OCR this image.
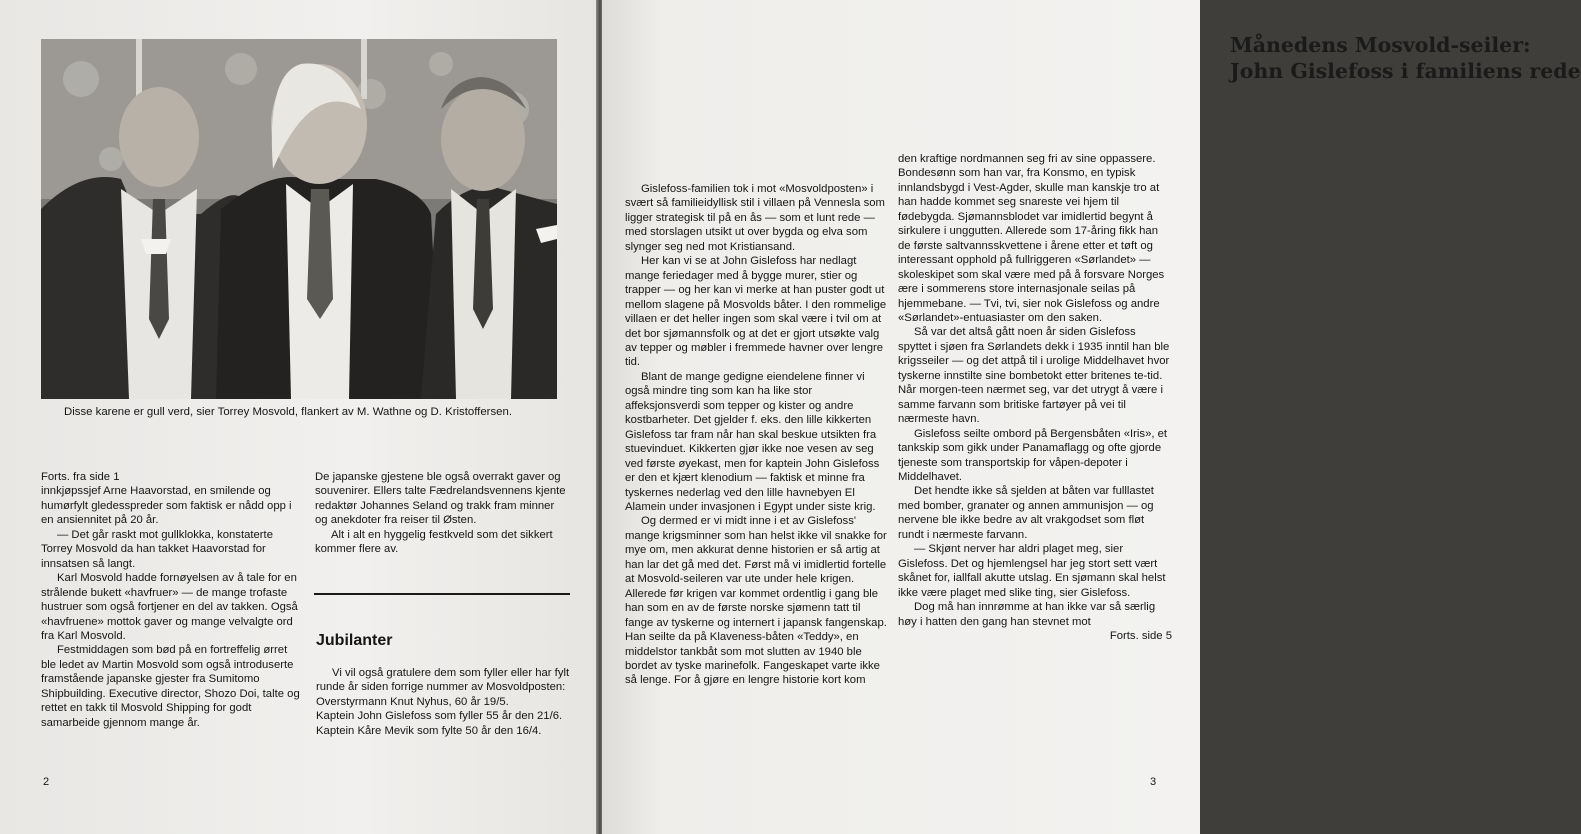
Disse karene er gull verd, sier Torrey Mosvold, flankert av M. Wathne og D. Kristoffersen.

Forts. fra side 1

innkjøpssjef Arne Haavorstad, en smilende og humørfylt gledesspreder som faktisk er nådd opp i en ansiennitet på 20 år.

— Det går raskt mot gullklokka, konstaterte Torrey Mosvold da han takket Haavorstad for innsatsen så langt.

Karl Mosvold hadde fornøyelsen av å tale for en strålende bukett «havfruer» — de mange trofaste hustruer som også fortjener en del av takken. Også «havfruene» mottok gaver og mange velvalgte ord fra Karl Mosvold.

Festmiddagen som bød på en fortreffelig ørret ble ledet av Martin Mosvold som også introduserte framstående japanske gjester fra Sumitomo Shipbuilding. Executive director, Shozo Doi, talte og rettet en takk til Mosvold Shipping for godt samarbeide gjennom mange år.

De japanske gjestene ble også overrakt gaver og souvenirer. Ellers talte Fædrelandsvennens kjente redaktør Johannes Seland og trakk fram minner og anekdoter fra reiser til Østen.

Alt i alt en hyggelig festkveld som det sikkert kommer flere av.

Jubilanter

Vi vil også gratulere dem som fyller eller har fylt runde år siden forrige nummer av Mosvoldposten:

Overstyrmann Knut Nyhus, 60 år 19/5.

Kaptein John Gislefoss som fyller 55 år den 21/6.

Kaptein Kåre Mevik som fylte 50 år den 16/4.

2
Månedens Mosvold-seiler:
John Gislefoss i familiens rede

Gislefoss-familien tok i mot «Mosvoldposten» i svært så familieidyllisk stil i villaen på Vennesla som ligger strategisk til på en ås — som et lunt rede — med storslagen utsikt ut over bygda og elva som slynger seg ned mot Kristiansand.

Her kan vi se at John Gislefoss har nedlagt mange feriedager med å bygge murer, stier og trapper — og her kan vi merke at han puster godt ut mellom slagene på Mosvolds båter. I den rommelige villaen er det heller ingen som skal være i tvil om at det bor sjømannsfolk og at det er gjort utsøkte valg av tepper og møbler i fremmede havner over lengre tid.

Blant de mange gedigne eiendelene finner vi også mindre ting som kan ha like stor affeksjonsverdi som tepper og kister og andre kostbarheter. Det gjelder f. eks. den lille kikkerten Gislefoss tar fram når han skal beskue utsikten fra stuevinduet. Kikkerten gjør ikke noe vesen av seg ved første øyekast, men for kaptein John Gislefoss er den et kjært klenodium — faktisk et minne fra tyskernes nederlag ved den lille havnebyen El Alamein under invasjonen i Egypt under siste krig.

Og dermed er vi midt inne i et av Gislefoss' mange krigsminner som han helst ikke vil snakke for mye om, men akkurat denne historien er så artig at han lar det gå med det. Først må vi imidlertid fortelle at Mosvold-seileren var ute under hele krigen. Allerede før krigen var kommet ordentlig i gang ble han som en av de første norske sjømenn tatt til fange av tyskerne og internert i japansk fangenskap. Han seilte da på Klaveness-båten «Teddy», en middelstor tankbåt som mot slutten av 1940 ble bordet av tyske marinefolk. Fangeskapet varte ikke så lenge. For å gjøre en lengre historie kort kom

den kraftige nordmannen seg fri av sine oppassere. Bondesønn som han var, fra Konsmo, en typisk innlandsbygd i Vest-Agder, skulle man kanskje tro at han hadde kommet seg snareste vei hjem til fødebygda. Sjømannsblodet var imidlertid begynt å sirkulere i unggutten. Allerede som 17-åring fikk han de første saltvannsskvettene i årene etter et tøft og interessant opphold på fullriggeren «Sørlandet» — skoleskipet som skal være med på å forsvare Norges ære i sommerens store internasjonale seilas på hjemmebane. — Tvi, tvi, sier nok Gislefoss og andre «Sørlandet»-entuasiaster om den saken.

Så var det altså gått noen år siden Gislefoss spyttet i sjøen fra Sørlandets dekk i 1935 inntil han ble krigsseiler — og det attpå til i urolige Middelhavet hvor tyskerne innstilte sine bombetokt etter britenes te-tid. Når morgen-teen nærmet seg, var det utrygt å være i samme farvann som britiske fartøyer på vei til nærmeste havn.

Gislefoss seilte ombord på Bergensbåten «Iris», et tankskip som gikk under Panamaflagg og ofte gjorde tjeneste som transportskip for våpen-depoter i Middelhavet.

Det hendte ikke så sjelden at båten var fulllastet med bomber, granater og annen ammunisjon — og nervene ble ikke bedre av alt vrakgodset som fløt rundt i nærmeste farvann.

— Skjønt nerver har aldri plaget meg, sier Gislefoss. Det og hjemlengsel har jeg stort sett vært skånet for, iallfall akutte utslag. En sjømann skal helst ikke være plaget med slike ting, sier Gislefoss.

Dog må han innrømme at han ikke var så særlig høy i hatten den gang han stevnet mot

Forts. side 5

3
